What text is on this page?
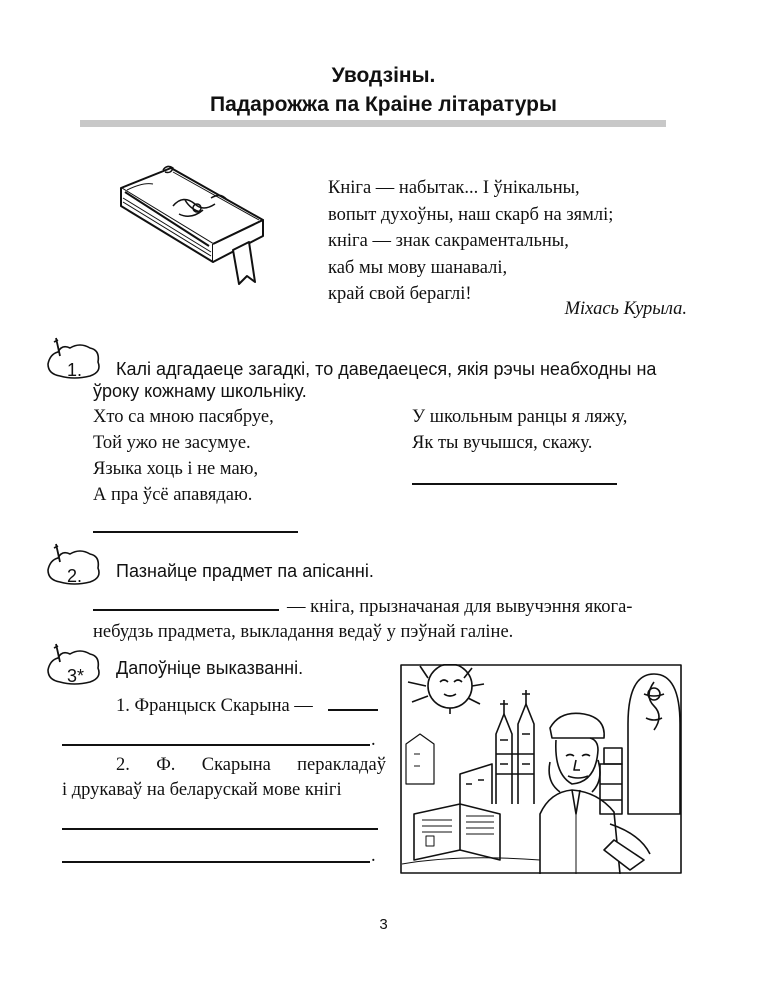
Уводзіны.
Падарожжа па Краіне літаратуры
Кніга — набытак... І ўнікальны,
вопыт духоўны, наш скарб на зямлі;
кніга — знак сакраментальны,
каб мы мову шанавалі,
край свой берaглі!
Міхась Курыла.
1. Калі адгадаеце загадкі, то даведаецеся, якія рэчы неабходны на
ўроку кожнаму школьніку.
Хто са мною пасябруе,
Той ужо не засумуе.
Языка хоць і не маю,
А пра ўсё апавядаю.
У школьным ранцы я ляжу,
Як ты вучышся, скажу.
2. Пазнайце прадмет па апісанні.
— кніга, прызначаная для вывучэння якога-
небудзь прадмета, выкладання ведаў у пэўнай галіне.
3* Дапоўніце выказванні.
1. Францыск Скарына —
.
2. Ф. Скарына перакладаў
і друкаваў на беларускай мове кнігі
.
3
